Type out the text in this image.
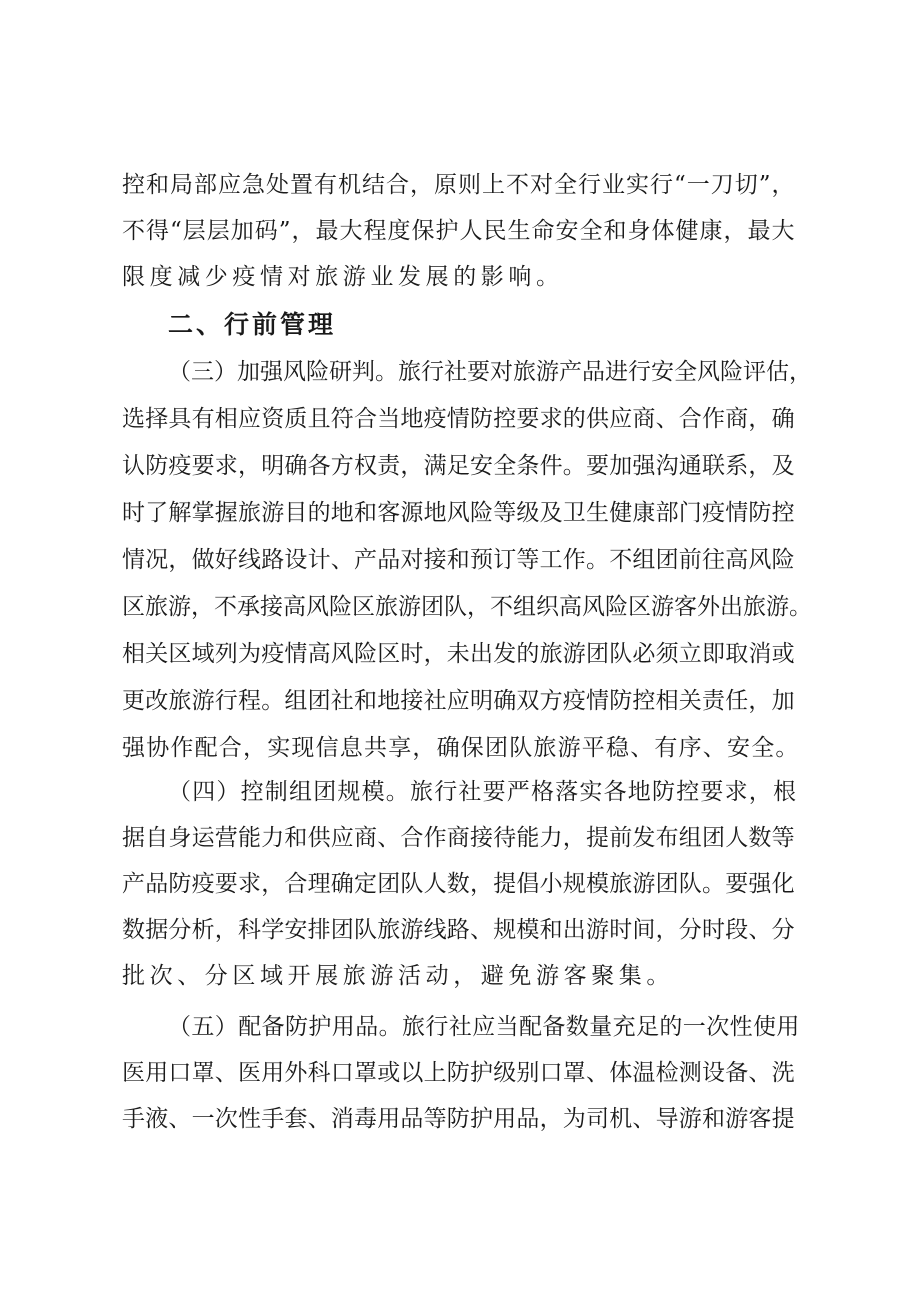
控和局部应急处置有机结合，原则上不对全行业实行“一刀切”，
不得“层层加码”，最大程度保护人民生命安全和身体健康，最大
限度减少疫情对旅游业发展的影响。
二、行前管理
（三）加强风险研判。旅行社要对旅游产品进行安全风险评估，
选择具有相应资质且符合当地疫情防控要求的供应商、合作商，确
认防疫要求，明确各方权责，满足安全条件。要加强沟通联系，及
时了解掌握旅游目的地和客源地风险等级及卫生健康部门疫情防控
情况，做好线路设计、产品对接和预订等工作。不组团前往高风险
区旅游，不承接高风险区旅游团队，不组织高风险区游客外出旅游。
相关区域列为疫情高风险区时，未出发的旅游团队必须立即取消或
更改旅游行程。组团社和地接社应明确双方疫情防控相关责任，加
强协作配合，实现信息共享，确保团队旅游平稳、有序、安全。
（四）控制组团规模。旅行社要严格落实各地防控要求，根
据自身运营能力和供应商、合作商接待能力，提前发布组团人数等
产品防疫要求，合理确定团队人数，提倡小规模旅游团队。要强化
数据分析，科学安排团队旅游线路、规模和出游时间，分时段、分
批次、分区域开展旅游活动，避免游客聚集。
（五）配备防护用品。旅行社应当配备数量充足的一次性使用
医用口罩、医用外科口罩或以上防护级别口罩、体温检测设备、洗
手液、一次性手套、消毒用品等防护用品，为司机、导游和游客提
